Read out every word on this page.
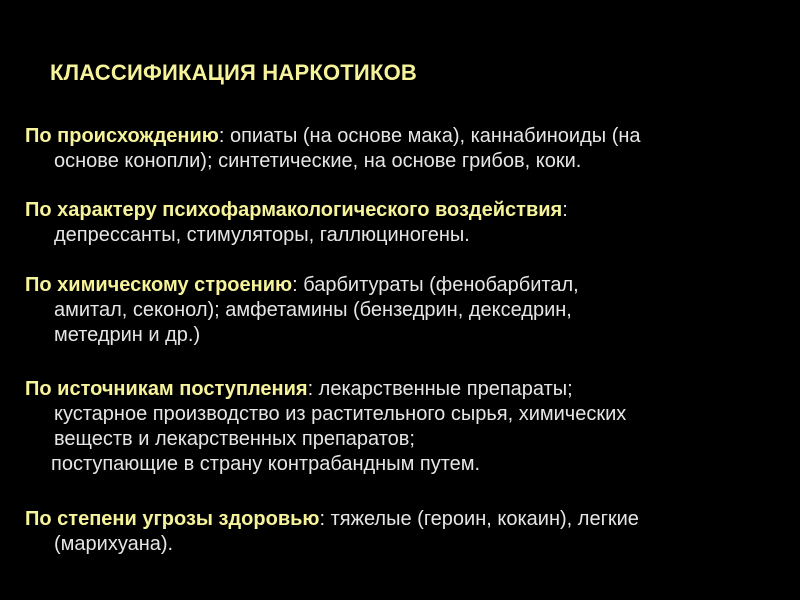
КЛАССИФИКАЦИЯ НАРКОТИКОВ

По происхождению: опиаты (на основе мака), каннабиноиды (на
основе конопли); синтетические, на основе грибов, коки.

По характеру психофармакологического воздействия:
депрессанты, стимуляторы, галлюциногены.

По химическому строению: барбитураты (фенобарбитал,
амитал, секонол); амфетамины (бензедрин, декседрин,
метедрин и др.)

По источникам поступления: лекарственные препараты;
кустарное производство из растительного сырья, химических
веществ и лекарственных препаратов;
поступающие в страну контрабандным путем.

По степени угрозы здоровью: тяжелые (героин, кокаин), легкие
(марихуана).
